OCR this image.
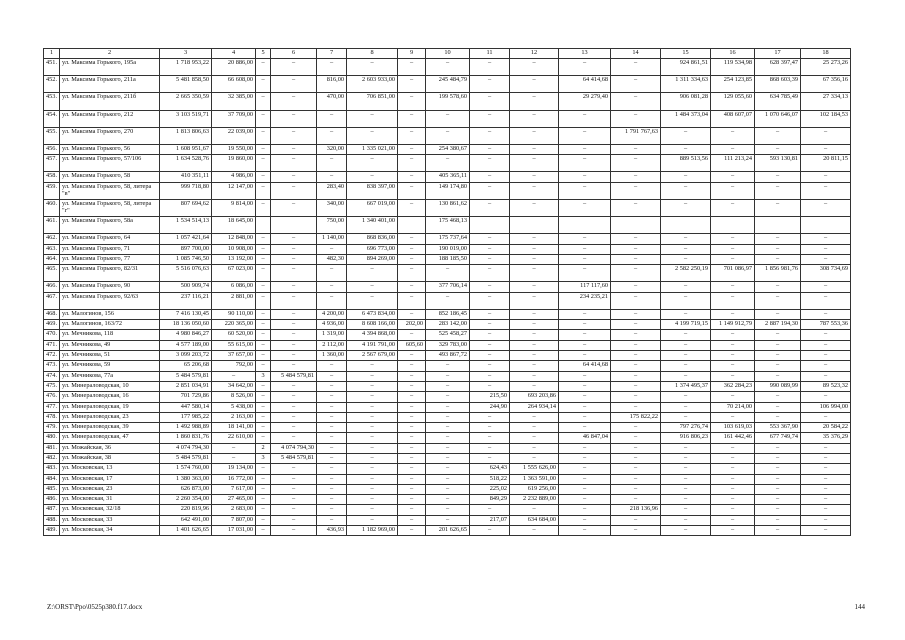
1	2	3	4	5	6	7	8	9	10	11	12	13	14	15	16	17	18
451.	ул. Максима Горького, 195а	1 718 953,22	20 886,00	–	–	–	–	–	–	–	–	–	–	924 861,51	119 534,98	628 397,47	25 273,26
452.	ул. Максима Горького, 211а	5 481 858,50	66 608,00	–	–	816,00	2 603 933,00	–	245 484,79	–	–	64 414,68	–	1 311 334,63	254 123,85	868 603,39	67 356,16
453.	ул. Максима Горького, 211б	2 665 350,59	32 385,00	–	–	470,00	706 851,00	–	199 578,60	–	–	29 279,40	–	906 081,28	129 055,60	634 785,49	27 334,13
454.	ул. Максима Горького, 212	3 103 519,71	37 709,00	–	–	–	–	–	–	–	–	–	–	1 484 373,04	408 607,07	1 070 646,07	102 184,53
455.	ул. Максима Горького, 270	1 813 806,63	22 039,00	–	–	–	–	–	–	–	–	–	1 791 767,63	–	–	–	–
456.	ул. Максима Горького, 56	1 608 951,67	19 550,00	–	–	320,00	1 335 021,00	–	254 380,67	–	–	–	–	–	–	–	–
457.	ул. Максима Горького, 57/106	1 634 528,76	19 860,00	–	–	–	–	–	–	–	–	–	–	889 513,56	111 213,24	593 130,81	20 811,15
458.	ул. Максима Горького, 58	410 351,11	4 986,00	–	–	–	–	–	405 365,11	–	–	–	–	–	–	–	–
459.	ул. Максима Горького, 58, литера "в"	999 718,80	12 147,00	–	–	283,40	838 397,00	–	149 174,80	–	–	–	–	–	–	–	–
460.	ул. Максима Горького, 58, литера "г"	807 694,62	9 814,00	–	–	340,00	667 019,00	–	130 861,62	–	–	–	–	–	–	–	–
461.	ул. Максима Горького, 58а	1 534 514,13	18 645,00			750,00	1 340 401,00		175 468,13								
462.	ул. Максима Горького, 64	1 057 421,64	12 848,00	–	–	1 140,00	868 836,00	–	175 737,64	–	–	–	–	–	–	–	–
463.	ул. Максима Горького, 71	897 700,00	10 908,00	–	–	–	696 773,00	–	190 019,00	–	–	–	–	–	–	–	–
464.	ул. Максима Горького, 77	1 085 746,50	13 192,00	–	–	482,30	894 269,00	–	188 185,50	–	–	–	–	–	–	–	–
465.	ул. Максима Горького, 82/31	5 516 076,63	67 023,00	–	–	–	–	–	–	–	–	–	–	2 582 250,19	701 086,97	1 856 981,76	308 734,69
466.	ул. Максима Горького, 90	500 909,74	6 086,00	–	–	–	–	–	377 706,14	–	–	117 117,60	–	–	–	–	–
467.	ул. Максима Горького, 92/63	237 116,21	2 881,00	–	–	–	–	–	–	–	–	234 235,21	–	–	–	–	–
468.	ул. Малогинов, 156	7 416 130,45	90 110,00	–	–	4 200,00	6 473 834,00	–	852 186,45	–	–	–	–	–	–	–	–
469.	ул. Малогинов, 163/72	18 136 050,60	220 365,00	–	–	4 936,00	8 608 166,00	202,00	283 142,00	–	–	–	–	4 199 719,15	1 149 912,79	2 887 194,30	787 553,36
470.	ул. Мечникова, 118	4 980 846,27	60 520,00	–	–	1 319,00	4 394 868,00	–	525 458,27	–	–	–	–	–	–	–	–
471.	ул. Мечникова, 49	4 577 189,00	55 615,00	–	–	2 112,00	4 191 791,00	605,60	329 783,00	–	–	–	–	–	–	–	–
472.	ул. Мечникова, 51	3 099 203,72	37 657,00	–	–	1 360,00	2 567 679,00	–	493 867,72	–	–	–	–	–	–	–	–
473.	ул. Мечникова, 59	65 206,68	792,00	–	–	–	–	–	–	–	–	64 414,68	–	–	–	–	–
474.	ул. Мечникова, 77а	5 484 579,81	–	3	5 484 579,81	–	–	–	–	–	–	–	–	–	–	–	–
475.	ул. Минераловодская, 10	2 851 034,91	34 642,00	–	–	–	–	–	–	–	–	–	–	1 374 495,37	362 284,23	990 089,99	89 523,32
476.	ул. Минераловодская, 16	701 729,86	8 526,00	–	–	–	–	–	–	215,50	693 203,86	–	–	–	–	–	–
477.	ул. Минераловодская, 19	447 580,14	5 438,00	–	–	–	–	–	–	244,90	264 934,14	–	–	–	70 214,00	–	106 994,00
478.	ул. Минераловодская, 23	177 985,22	2 163,00	–	–	–	–	–	–	–	–	–	175 822,22	–	–	–	–
479.	ул. Минераловодская, 39	1 492 988,89	18 141,00	–	–	–	–	–	–	–	–	–	–	797 276,74	103 619,03	553 367,90	20 584,22
480.	ул. Минераловодская, 47	1 860 831,76	22 610,00	–	–	–	–	–	–	–	–	46 847,04	–	916 806,23	161 442,46	677 749,74	35 376,29
481.	ул. Можайская, 36	4 074 794,30	–	2	4 074 794,30	–	–	–	–	–	–	–	–	–	–	–	–
482.	ул. Можайская, 38	5 484 579,81	–	3	5 484 579,81	–	–	–	–	–	–	–	–	–	–	–	–
483.	ул. Московская, 13	1 574 760,00	19 134,00	–	–	–	–	–	–	624,43	1 555 626,00	–	–	–	–	–	–
484.	ул. Московская, 17	1 380 363,00	16 772,00	–	–	–	–	–	–	518,22	1 363 591,00	–	–	–	–	–	–
485.	ул. Московская, 23	626 873,00	7 617,00	–	–	–	–	–	–	225,02	619 256,00	–	–	–	–	–	–
486.	ул. Московская, 31	2 260 354,00	27 465,00	–	–	–	–	–	–	849,29	2 232 889,00	–	–	–	–	–	–
487.	ул. Московская, 32/18	220 819,96	2 683,00	–	–	–	–	–	–	–	–	–	218 136,96	–	–	–	–
488.	ул. Московская, 33	642 491,00	7 807,00	–	–	–	–	–	–	217,07	634 684,00	–	–	–	–	–	–
489.	ул. Московская, 34	1 401 626,65	17 031,00	–	–	436,93	1 182 969,00	–	201 626,65	–	–	–	–	–	–	–	–
Z:\ORST\Ppo\0525p380.f17.docx	144
